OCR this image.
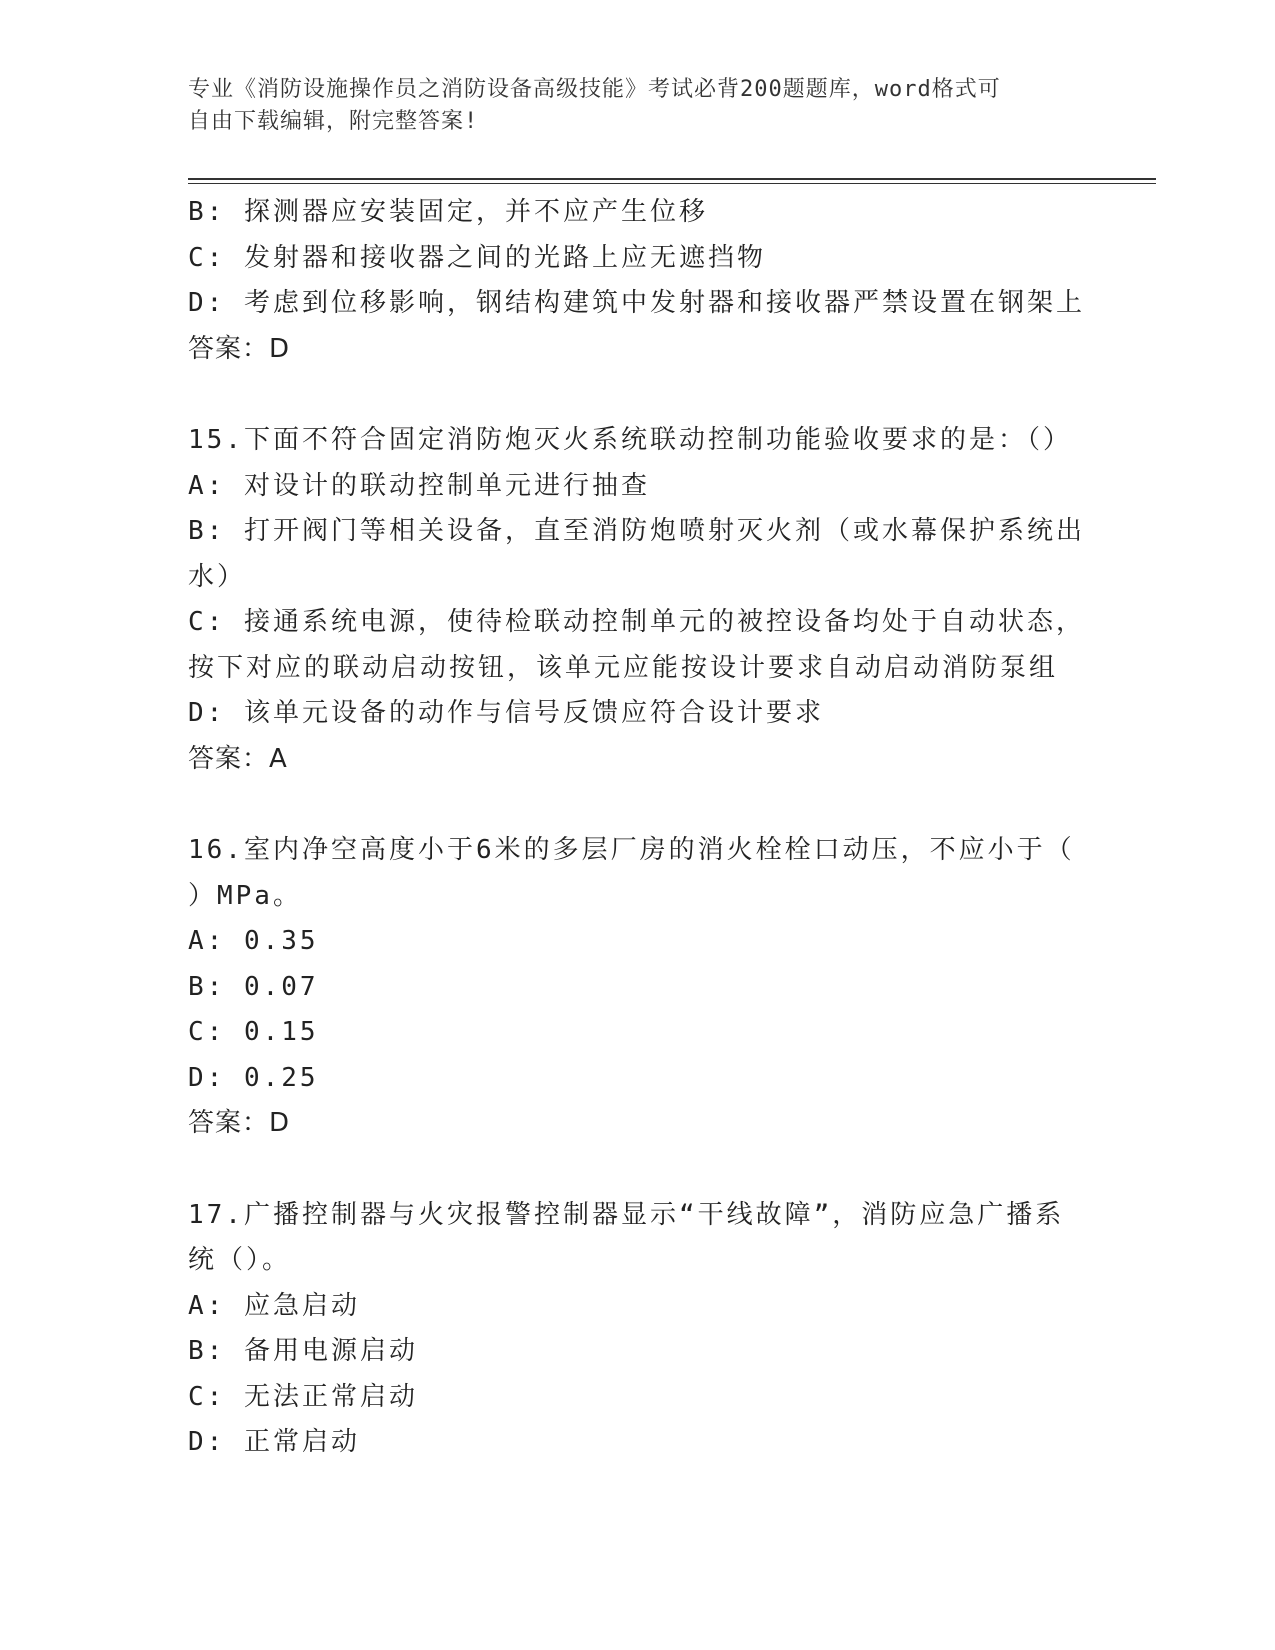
专业《消防设施操作员之消防设备高级技能》考试必背200题题库，word格式可
自由下载编辑，附完整答案!
B: 探测器应安装固定，并不应产生位移
C: 发射器和接收器之间的光路上应无遮挡物
D: 考虑到位移影响，钢结构建筑中发射器和接收器严禁设置在钢架上
答案：D
15.下面不符合固定消防炮灭火系统联动控制功能验收要求的是：（）
A: 对设计的联动控制单元进行抽查
B: 打开阀门等相关设备，直至消防炮喷射灭火剂（或水幕保护系统出
水）
C: 接通系统电源，使待检联动控制单元的被控设备均处于自动状态，
按下对应的联动启动按钮，该单元应能按设计要求自动启动消防泵组
D: 该单元设备的动作与信号反馈应符合设计要求
答案：A
16.室内净空高度小于6米的多层厂房的消火栓栓口动压，不应小于（
）MPa。
A: 0.35
B: 0.07
C: 0.15
D: 0.25
答案：D
17.广播控制器与火灾报警控制器显示“干线故障”，消防应急广播系
统（）。
A: 应急启动
B: 备用电源启动
C: 无法正常启动
D: 正常启动
